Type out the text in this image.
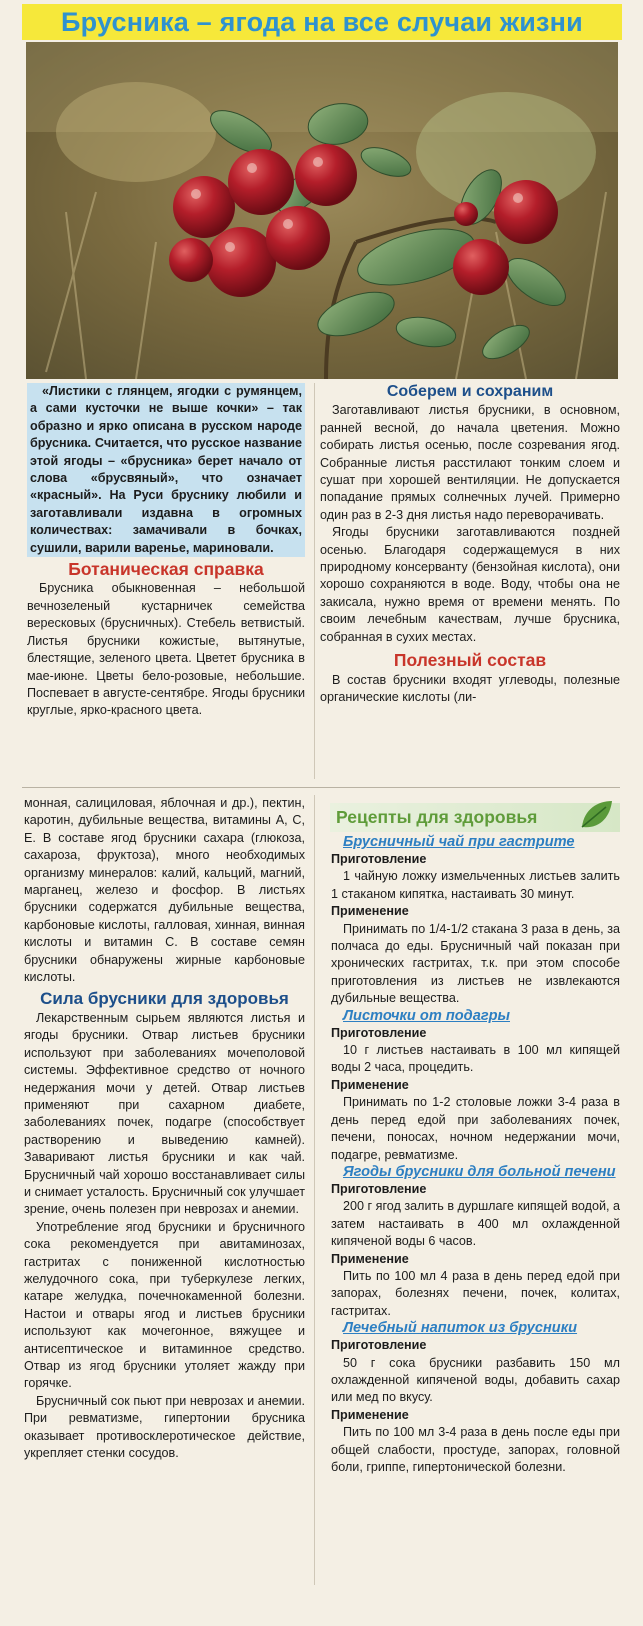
Брусника – ягода на все случаи жизни

«Листики с глянцем, ягодки с румянцем, а сами кусточки не выше кочки» – так образно и ярко описана в русском народе брусника. Считается, что русское название этой ягоды – «брусника» берет начало от слова «брусвяный», что означает «красный». На Руси бруснику любили и заготавливали издавна в огромных количествах: замачивали в бочках, сушили, варили варенье, мариновали.

Ботаническая справка

Брусника обыкновенная – небольшой вечнозеленый кустарничек семейства вересковых (брусничных). Стебель ветвистый. Листья брусники кожистые, вытянутые, блестящие, зеленого цвета. Цветет брусника в мае-июне. Цветы бело-розовые, небольшие. Поспевает в августе-сентябре. Ягоды брусники круглые, ярко-красного цвета.

Соберем и сохраним

Заготавливают листья брусники, в основном, ранней весной, до начала цветения. Можно собирать листья осенью, после созревания ягод. Собранные листья расстилают тонким слоем и сушат при хорошей вентиляции. Не допускается попадание прямых солнечных лучей. Примерно один раз в 2-3 дня листья надо переворачивать.

Ягоды брусники заготавливаются поздней осенью. Благодаря содержащемуся в них природному консерванту (бензойная кислота), они хорошо сохраняются в воде. Воду, чтобы она не закисала, нужно время от времени менять. По своим лечебным качествам, лучше брусника, собранная в сухих местах.

Полезный состав

В состав брусники входят углеводы, полезные органические кислоты (ли-

монная, салициловая, яблочная и др.), пектин, каротин, дубильные вещества, витамины А, С, Е. В составе ягод брусники сахара (глюкоза, сахароза, фруктоза), много необходимых организму минералов: калий, кальций, магний, марганец, железо и фосфор. В листьях брусники содержатся дубильные вещества, карбоновые кислоты, галловая, хинная, винная кислоты и витамин С. В составе семян брусники обнаружены жирные карбоновые кислоты.

Сила брусники для здоровья

Лекарственным сырьем являются листья и ягоды брусники. Отвар листьев брусники используют при заболеваниях мочеполовой системы. Эффективное средство от ночного недержания мочи у детей. Отвар листьев применяют при сахарном диабете, заболеваниях почек, подагре (способствует растворению и выведению камней). Заваривают листья брусники и как чай. Брусничный чай хорошо восстанавливает силы и снимает усталость. Брусничный сок улучшает зрение, очень полезен при неврозах и анемии.

Употребление ягод брусники и брусничного сока рекомендуется при авитаминозах, гастритах с пониженной кислотностью желудочного сока, при туберкулезе легких, катаре желудка, почечнокаменной болезни. Настои и отвары ягод и листьев брусники используют как мочегонное, вяжущее и антисептическое и витаминное средство. Отвар из ягод брусники утоляет жажду при горячке.

Брусничный сок пьют при неврозах и анемии. При ревматизме, гипертонии брусника оказывает противосклеротическое действие, укрепляет стенки сосудов.

Рецепты для здоровья

Брусничный чай при гастрите

Приготовление

1 чайную ложку измельченных листьев залить 1 стаканом кипятка, настаивать 30 минут.

Применение

Принимать по 1/4-1/2 стакана 3 раза в день, за полчаса до еды. Брусничный чай показан при хронических гастритах, т.к. при этом способе приготовления из листьев не извлекаются дубильные вещества.

Листочки от подагры

Приготовление

10 г листьев настаивать в 100 мл кипящей воды 2 часа, процедить.

Применение

Принимать по 1-2 столовые ложки 3-4 раза в день перед едой при заболеваниях почек, печени, поносах, ночном недержании мочи, подагре, ревматизме.

Ягоды брусники для больной печени

Приготовление

200 г ягод залить в дуршлаге кипящей водой, а затем настаивать в 400 мл охлажденной кипяченой воды 6 часов.

Применение

Пить по 100 мл 4 раза в день перед едой при запорах, болезнях печени, почек, колитах, гастритах.

Лечебный напиток из брусники

Приготовление

50 г сока брусники разбавить 150 мл охлажденной кипяченой воды, добавить сахар или мед по вкусу.

Применение

Пить по 100 мл 3-4 раза в день после еды при общей слабости, простуде, запорах, головной боли, гриппе, гипертонической болезни.
